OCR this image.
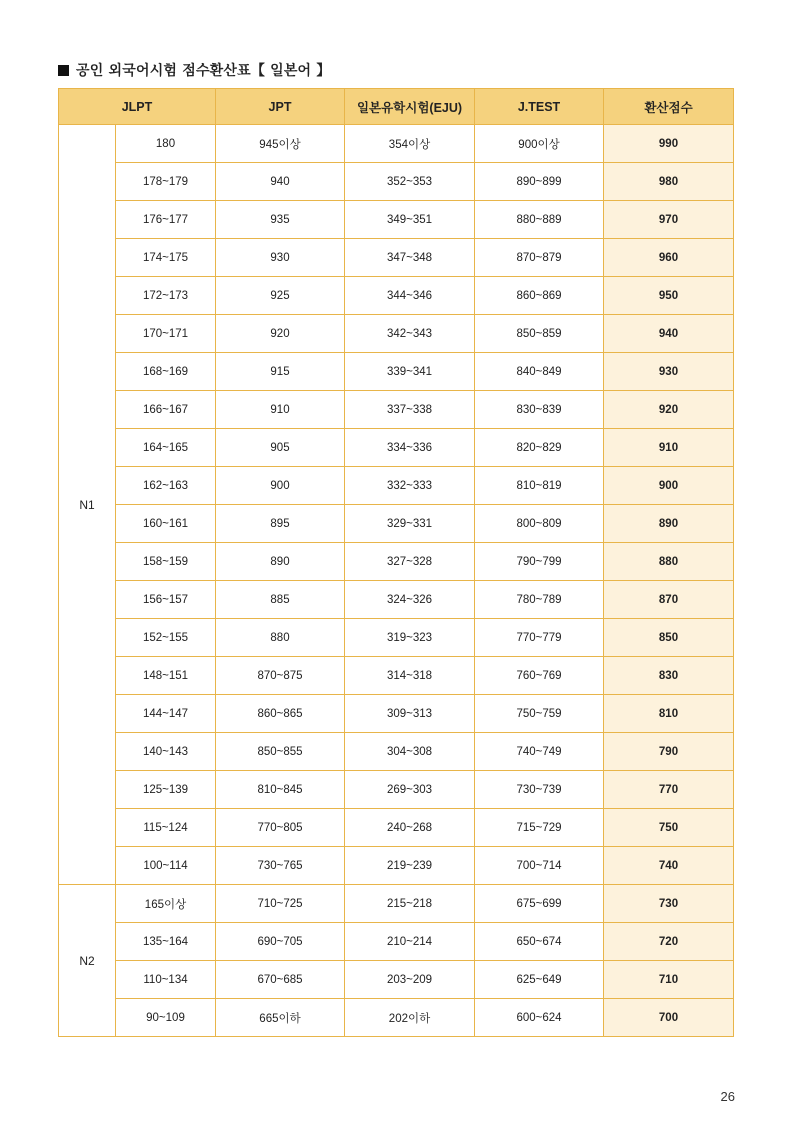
공인 외국어시험 점수환산표【 일본어 】
JLPT		JPT	일본유학시험(EJU)	J.TEST	환산점수
N1	180	945이상	354이상	900이상	990
	178~179	940	352~353	890~899	980
	176~177	935	349~351	880~889	970
	174~175	930	347~348	870~879	960
	172~173	925	344~346	860~869	950
	170~171	920	342~343	850~859	940
	168~169	915	339~341	840~849	930
	166~167	910	337~338	830~839	920
	164~165	905	334~336	820~829	910
	162~163	900	332~333	810~819	900
	160~161	895	329~331	800~809	890
	158~159	890	327~328	790~799	880
	156~157	885	324~326	780~789	870
	152~155	880	319~323	770~779	850
	148~151	870~875	314~318	760~769	830
	144~147	860~865	309~313	750~759	810
	140~143	850~855	304~308	740~749	790
	125~139	810~845	269~303	730~739	770
	115~124	770~805	240~268	715~729	750
	100~114	730~765	219~239	700~714	740
N2	165이상	710~725	215~218	675~699	730
	135~164	690~705	210~214	650~674	720
	110~134	670~685	203~209	625~649	710
	90~109	665이하	202이하	600~624	700
26
